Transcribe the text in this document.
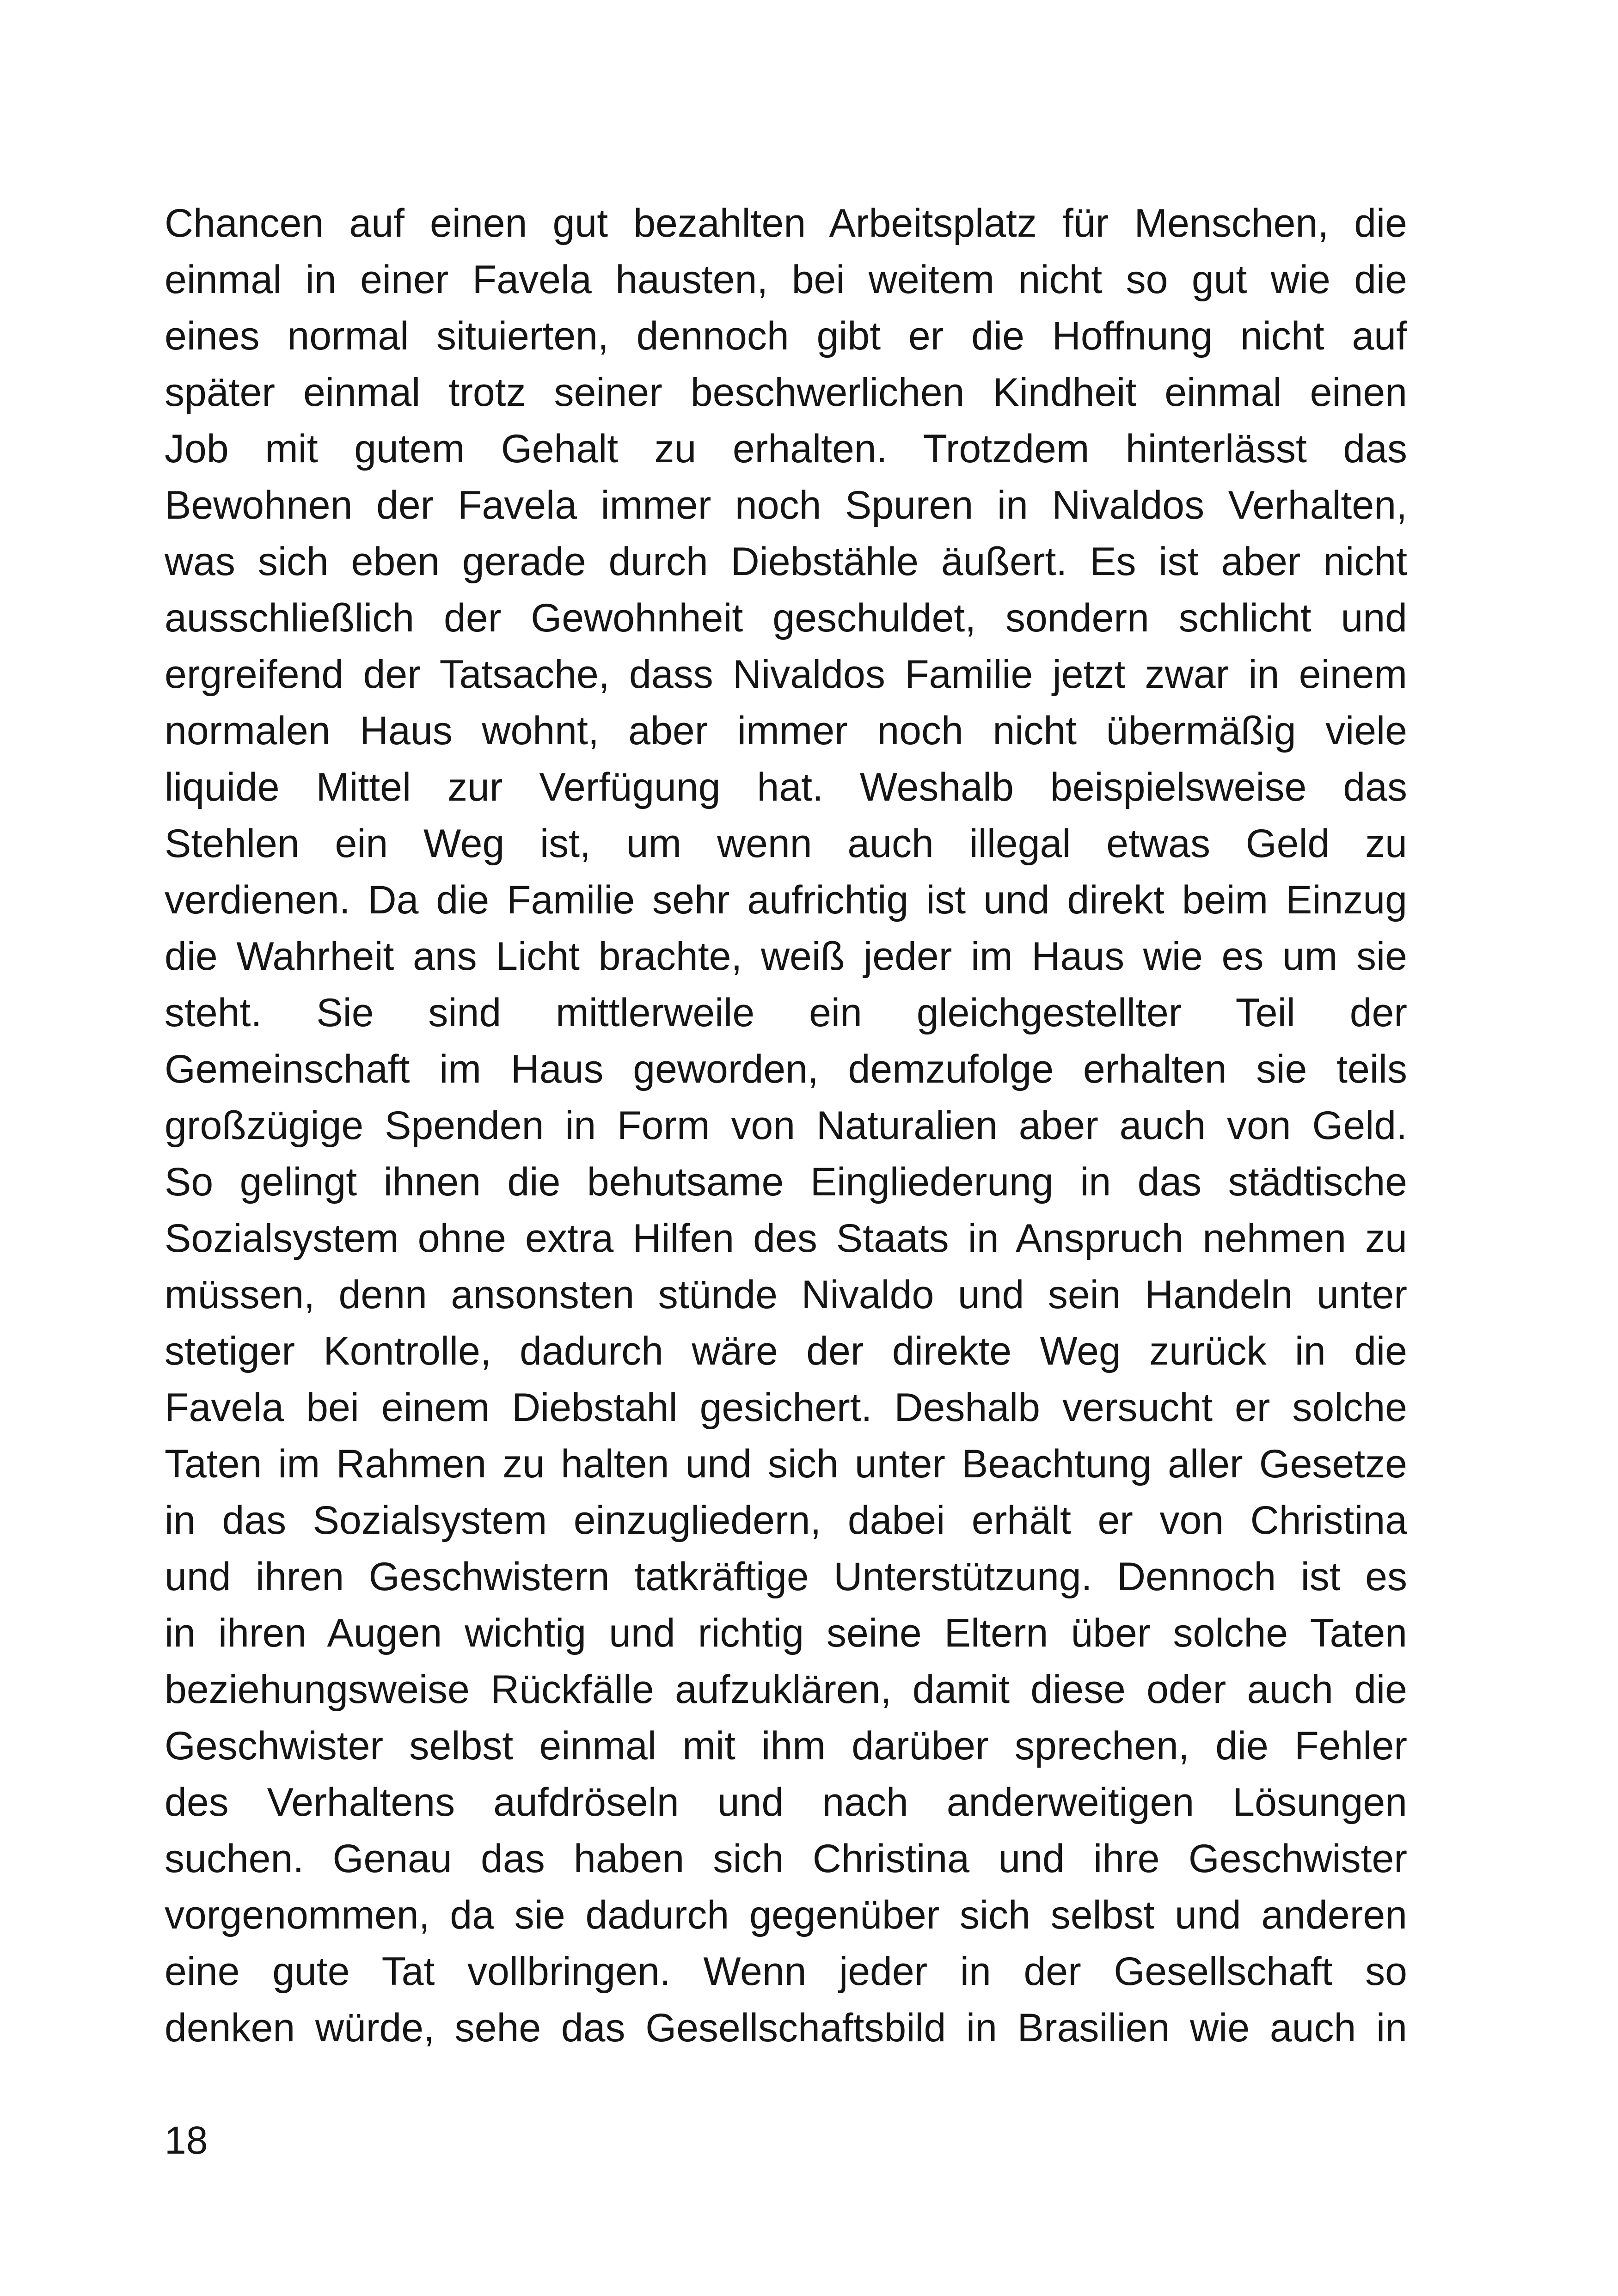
Chancen auf einen gut bezahlten Arbeitsplatz für Menschen, die
einmal in einer Favela hausten, bei weitem nicht so gut wie die
eines normal situierten, dennoch gibt er die Hoffnung nicht auf
später einmal trotz seiner beschwerlichen Kindheit einmal einen
Job mit gutem Gehalt zu erhalten. Trotzdem hinterlässt das
Bewohnen der Favela immer noch Spuren in Nivaldos Verhalten,
was sich eben gerade durch Diebstähle äußert. Es ist aber nicht
ausschließlich der Gewohnheit geschuldet, sondern schlicht und
ergreifend der Tatsache, dass Nivaldos Familie jetzt zwar in einem
normalen Haus wohnt, aber immer noch nicht übermäßig viele
liquide Mittel zur Verfügung hat. Weshalb beispielsweise das
Stehlen ein Weg ist, um wenn auch illegal etwas Geld zu
verdienen. Da die Familie sehr aufrichtig ist und direkt beim Einzug
die Wahrheit ans Licht brachte, weiß jeder im Haus wie es um sie
steht. Sie sind mittlerweile ein gleichgestellter Teil der
Gemeinschaft im Haus geworden, demzufolge erhalten sie teils
großzügige Spenden in Form von Naturalien aber auch von Geld.
So gelingt ihnen die behutsame Eingliederung in das städtische
Sozialsystem ohne extra Hilfen des Staats in Anspruch nehmen zu
müssen, denn ansonsten stünde Nivaldo und sein Handeln unter
stetiger Kontrolle, dadurch wäre der direkte Weg zurück in die
Favela bei einem Diebstahl gesichert. Deshalb versucht er solche
Taten im Rahmen zu halten und sich unter Beachtung aller Gesetze
in das Sozialsystem einzugliedern, dabei erhält er von Christina
und ihren Geschwistern tatkräftige Unterstützung. Dennoch ist es
in ihren Augen wichtig und richtig seine Eltern über solche Taten
beziehungsweise Rückfälle aufzuklären, damit diese oder auch die
Geschwister selbst einmal mit ihm darüber sprechen, die Fehler
des Verhaltens aufdröseln und nach anderweitigen Lösungen
suchen. Genau das haben sich Christina und ihre Geschwister
vorgenommen, da sie dadurch gegenüber sich selbst und anderen
eine gute Tat vollbringen. Wenn jeder in der Gesellschaft so
denken würde, sehe das Gesellschaftsbild in Brasilien wie auch in
18
